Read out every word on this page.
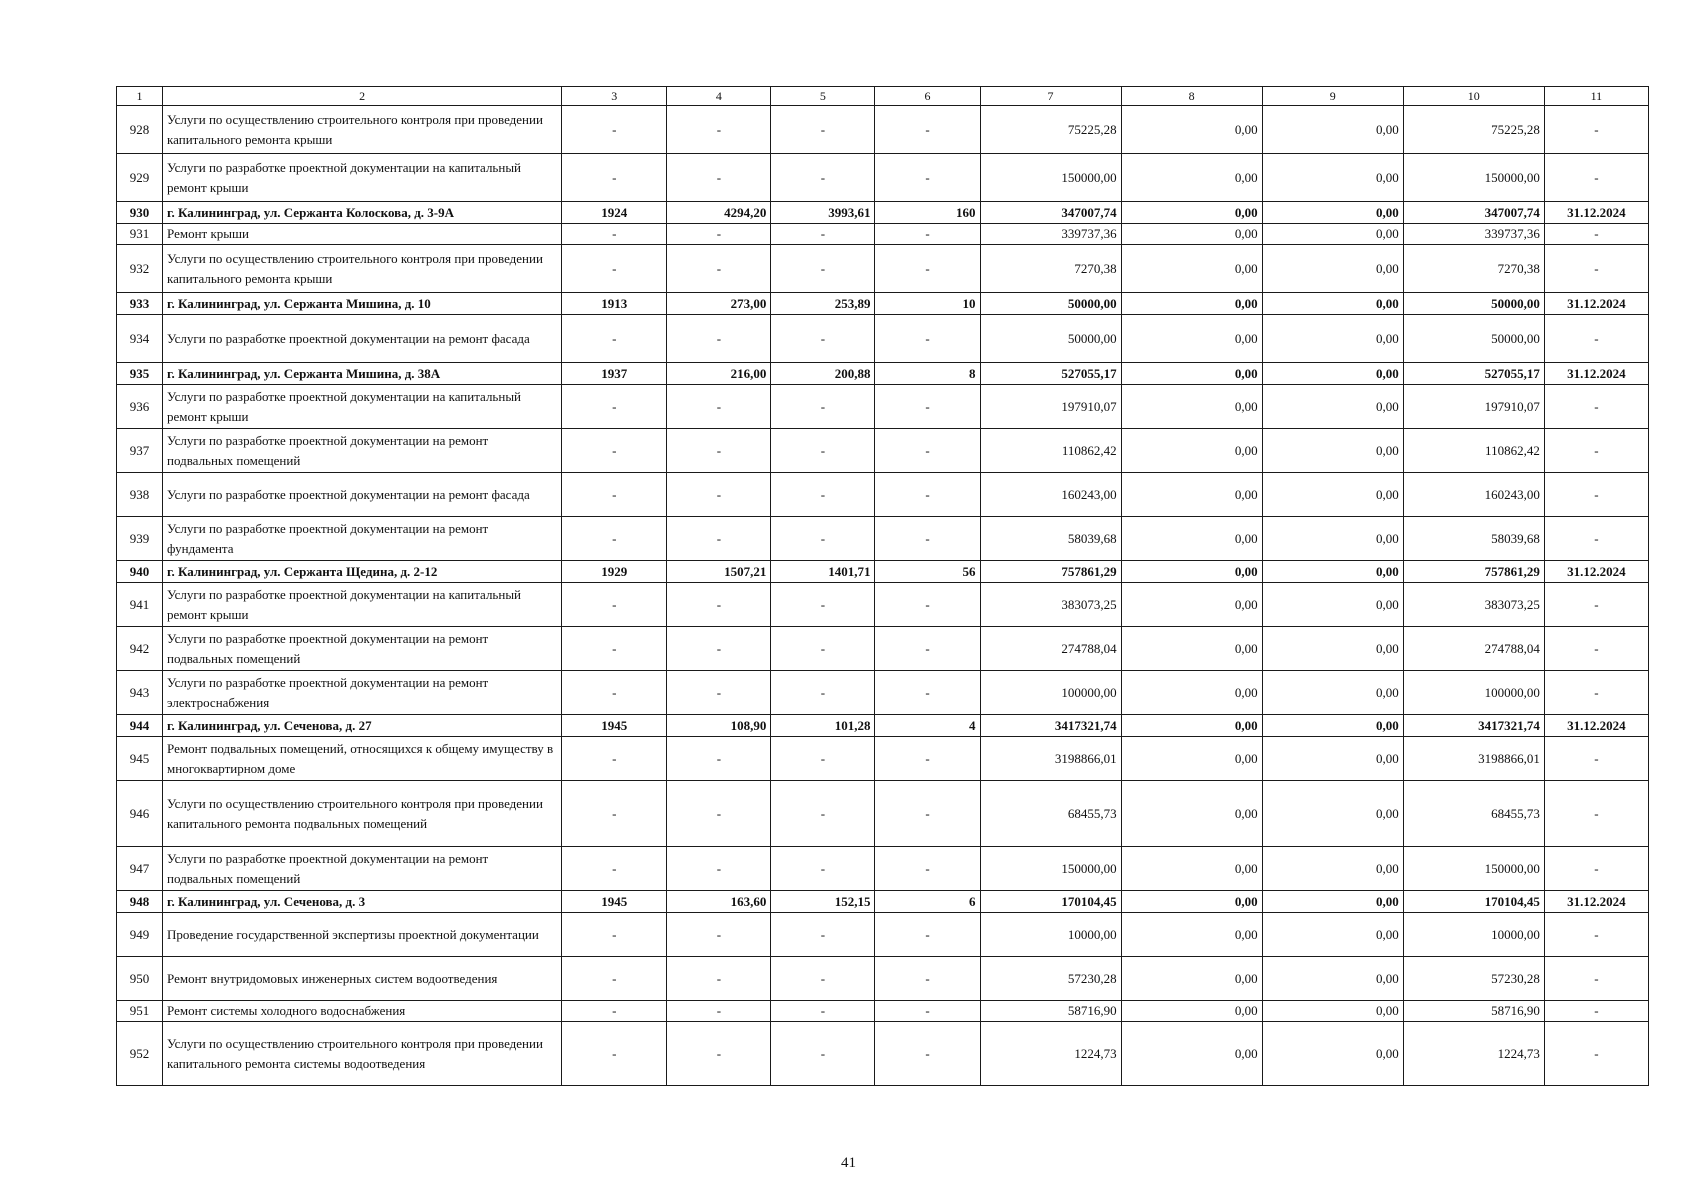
1	2	3	4	5	6	7	8	9	10	11
928	Услуги по осуществлению строительного контроля при проведении капитального ремонта крыши	-	-	-	-	75225,28	0,00	0,00	75225,28	-
929	Услуги по разработке проектной документации на капитальный ремонт крыши	-	-	-	-	150000,00	0,00	0,00	150000,00	-
930	г. Калининград, ул. Сержанта Колоскова, д. 3-9А	1924	4294,20	3993,61	160	347007,74	0,00	0,00	347007,74	31.12.2024
931	Ремонт крыши	-	-	-	-	339737,36	0,00	0,00	339737,36	-
932	Услуги по осуществлению строительного контроля при проведении капитального ремонта крыши	-	-	-	-	7270,38	0,00	0,00	7270,38	-
933	г. Калининград, ул. Сержанта Мишина, д. 10	1913	273,00	253,89	10	50000,00	0,00	0,00	50000,00	31.12.2024
934	Услуги по разработке проектной документации на ремонт фасада	-	-	-	-	50000,00	0,00	0,00	50000,00	-
935	г. Калининград, ул. Сержанта Мишина, д. 38А	1937	216,00	200,88	8	527055,17	0,00	0,00	527055,17	31.12.2024
936	Услуги по разработке проектной документации на капитальный ремонт крыши	-	-	-	-	197910,07	0,00	0,00	197910,07	-
937	Услуги по разработке проектной документации на ремонт подвальных помещений	-	-	-	-	110862,42	0,00	0,00	110862,42	-
938	Услуги по разработке проектной документации на ремонт фасада	-	-	-	-	160243,00	0,00	0,00	160243,00	-
939	Услуги по разработке проектной документации на ремонт фундамента	-	-	-	-	58039,68	0,00	0,00	58039,68	-
940	г. Калининград, ул. Сержанта Щедина, д. 2-12	1929	1507,21	1401,71	56	757861,29	0,00	0,00	757861,29	31.12.2024
941	Услуги по разработке проектной документации на капитальный ремонт крыши	-	-	-	-	383073,25	0,00	0,00	383073,25	-
942	Услуги по разработке проектной документации на ремонт подвальных помещений	-	-	-	-	274788,04	0,00	0,00	274788,04	-
943	Услуги по разработке проектной документации на ремонт электроснабжения	-	-	-	-	100000,00	0,00	0,00	100000,00	-
944	г. Калининград, ул. Сеченова, д. 27	1945	108,90	101,28	4	3417321,74	0,00	0,00	3417321,74	31.12.2024
945	Ремонт подвальных помещений, относящихся к общему имуществу в многоквартирном доме	-	-	-	-	3198866,01	0,00	0,00	3198866,01	-
946	Услуги по осуществлению строительного контроля при проведении капитального ремонта подвальных помещений	-	-	-	-	68455,73	0,00	0,00	68455,73	-
947	Услуги по разработке проектной документации на ремонт подвальных помещений	-	-	-	-	150000,00	0,00	0,00	150000,00	-
948	г. Калининград, ул. Сеченова, д. 3	1945	163,60	152,15	6	170104,45	0,00	0,00	170104,45	31.12.2024
949	Проведение государственной экспертизы проектной документации	-	-	-	-	10000,00	0,00	0,00	10000,00	-
950	Ремонт внутридомовых инженерных систем водоотведения	-	-	-	-	57230,28	0,00	0,00	57230,28	-
951	Ремонт системы холодного водоснабжения	-	-	-	-	58716,90	0,00	0,00	58716,90	-
952	Услуги по осуществлению строительного контроля при проведении капитального ремонта системы водоотведения	-	-	-	-	1224,73	0,00	0,00	1224,73	-
41
